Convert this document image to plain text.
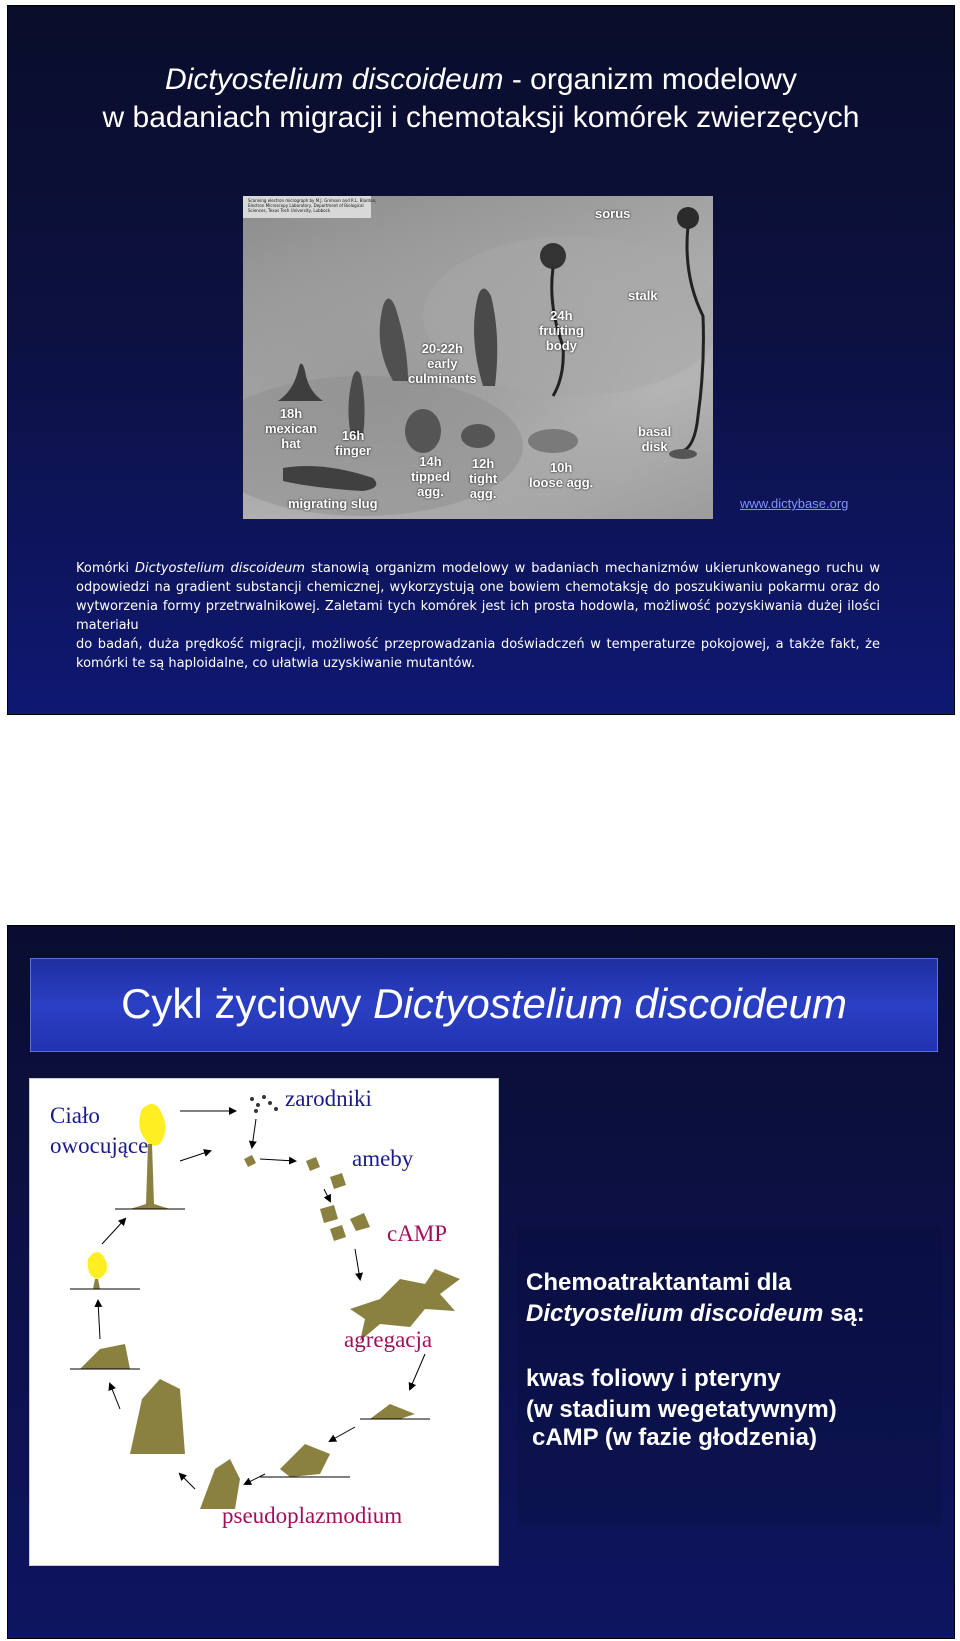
Dictyostelium discoideum - organizm modelowy
w badaniach migracji i chemotaksji komórek zwierzęcych
Scanning electron micrograph by M.J. Grimson and R.L. Blanton, Electron Microscopy Laboratory, Department of Biological Sciences, Texas Tech University, Lubbock	sorus
stalk
24h
fruiting
body
20-22h
early
culminants
18h
mexican
hat
16h
finger
14h
tipped
agg.
12h
tight
agg.
10h
loose agg.
basal
disk
migrating slug	www.dictybase.org
Komórki Dictyostelium discoideum stanowią organizm modelowy w badaniach mechanizmów ukierunkowanego ruchu w odpowiedzi na gradient substancji chemicznej, wykorzystują one bowiem chemotaksję do poszukiwaniu pokarmu oraz do wytworzenia formy przetrwalnikowej. Zaletami tych komórek jest ich prosta hodowla, możliwość pozyskiwania dużej ilości materiału
do badań, duża prędkość migracji, możliwość przeprowadzania doświadczeń w temperaturze pokojowej, a także fakt, że komórki te są haploidalne, co ułatwia uzyskiwanie mutantów.
Cykl życiowy Dictyostelium discoideum
Ciało
owocujące
zarodniki
ameby
cAMP
agregacja
pseudoplazmodium

Chemoatraktantami dla
Dictyostelium discoideum są:

kwas foliowy i pteryny
(w stadium wegetatywnym)

cAMP (w fazie głodzenia)
